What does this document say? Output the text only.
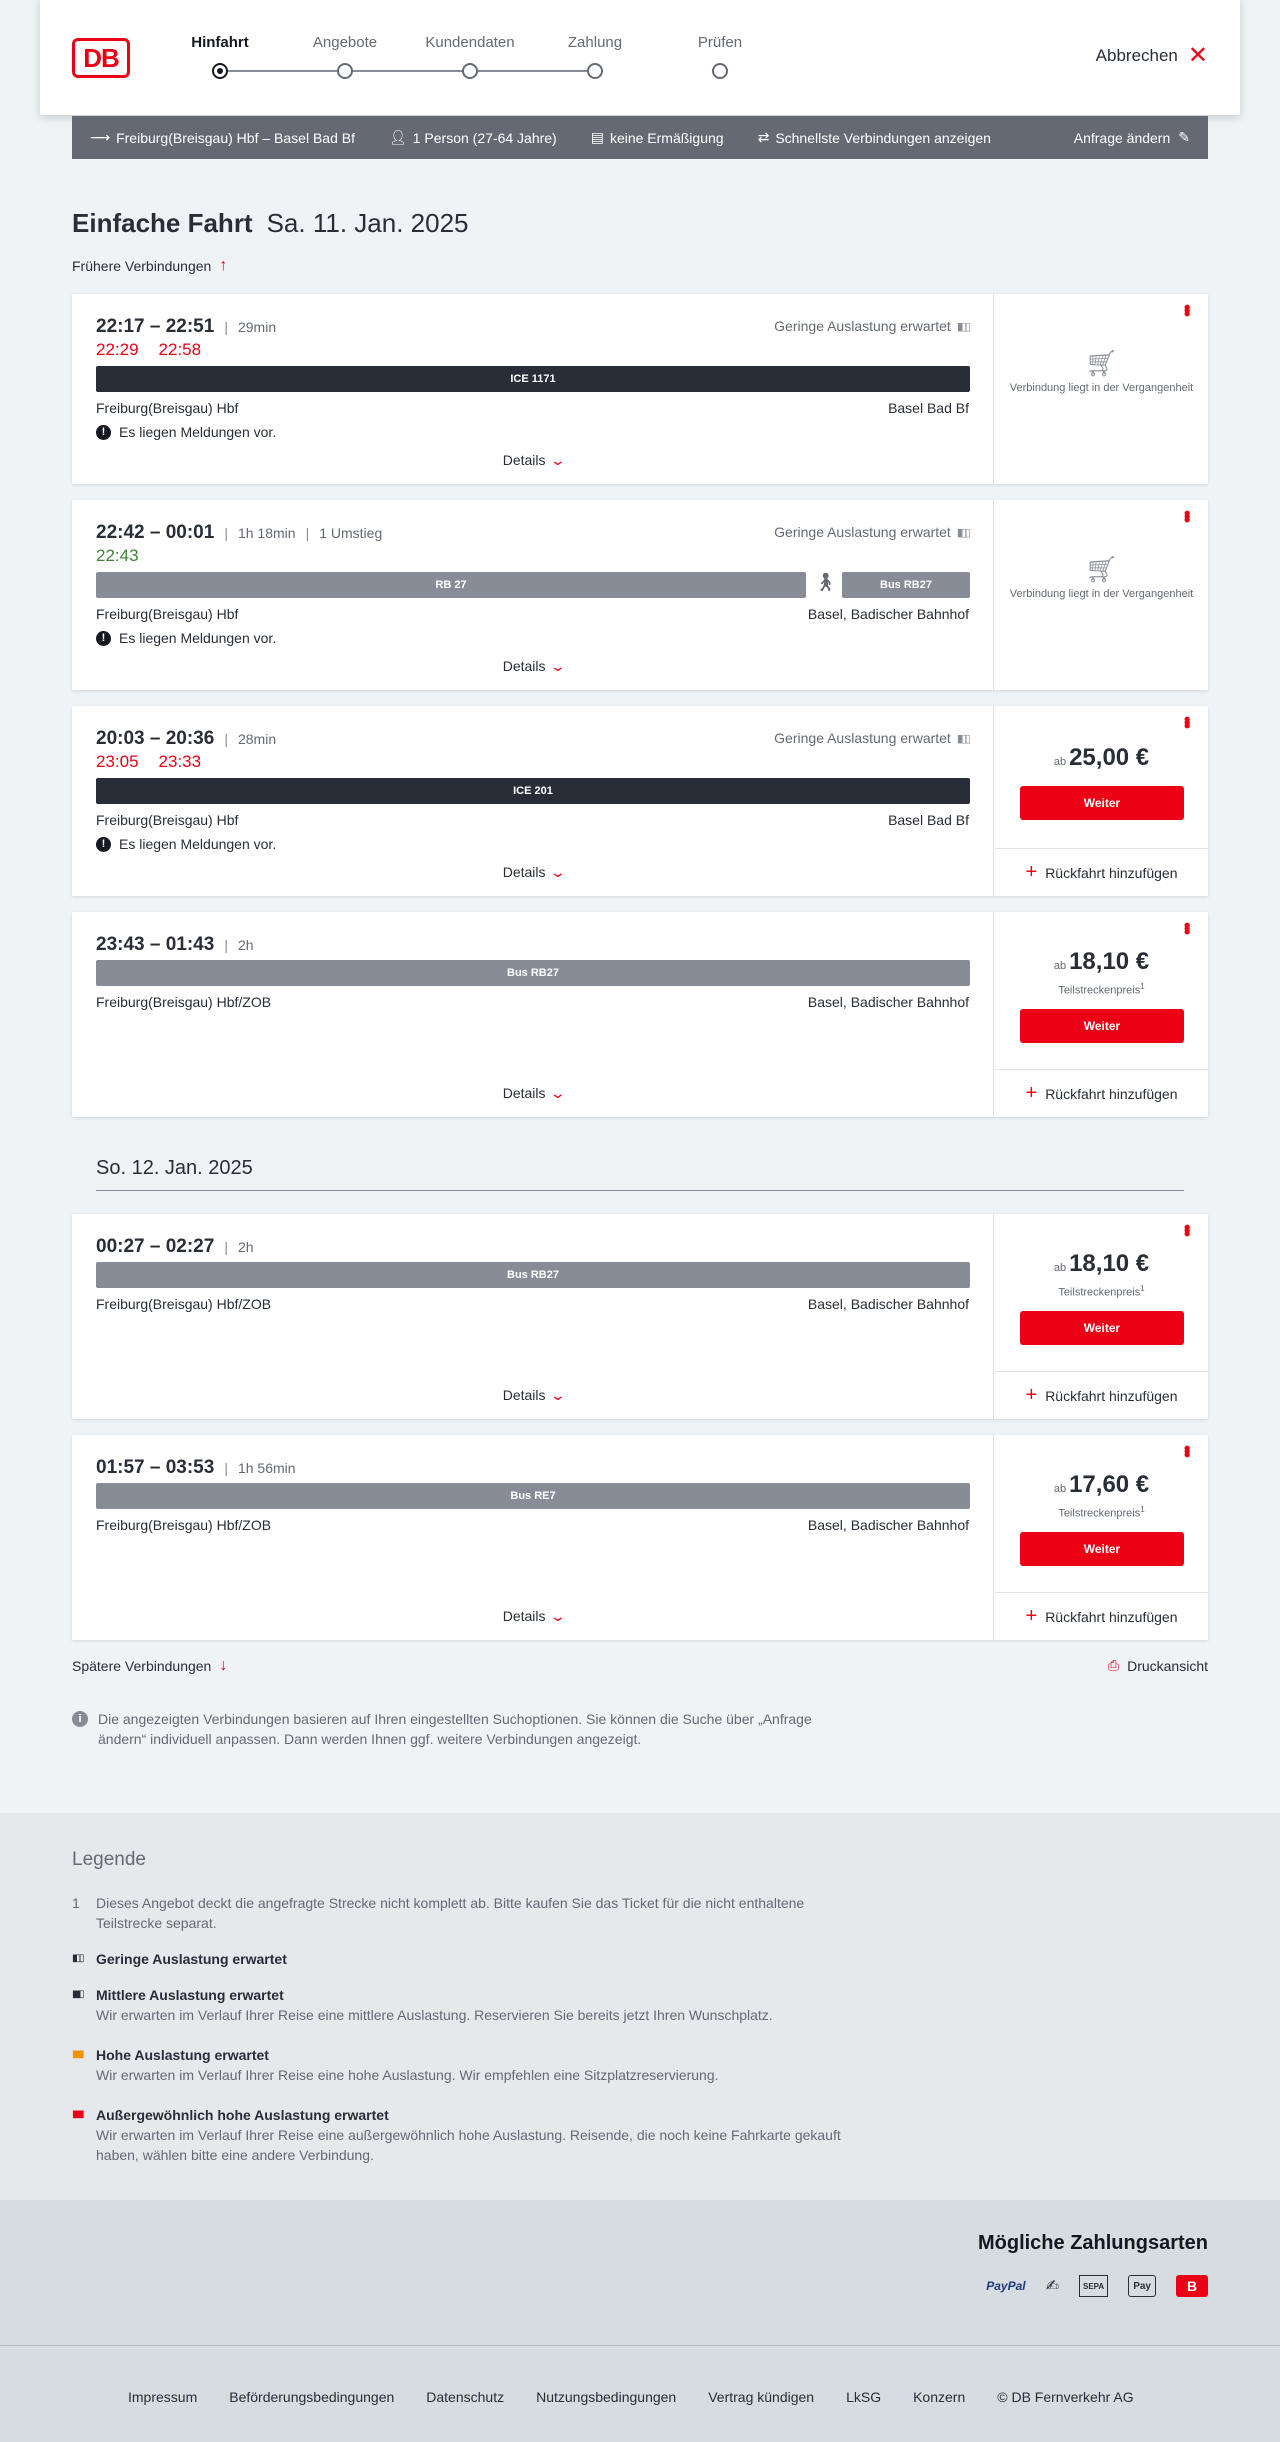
DB	Hinfahrt	Angebote	Kundendaten	Zahlung	Prüfen
Abbrechen ✕
⟶ Freiburg(Breisgau) Hbf – Basel Bad Bf 👤︎ 1 Person (27-64 Jahre) ▤ keine Ermäßigung ⇄ Schnellste Verbindungen anzeigen	Anfrage ändern ✎
Einfache Fahrt Sa. 11. Jan. 2025
Frühere Verbindungen ↑
22:17 – 22:51 | 29min
22:29 22:58
Geringe Auslastung erwartet ▮▯▯
ICE 1171
Freiburg(Breisgau) Hbf	Basel Bad Bf
! Es liegen Meldungen vor.
Details ⌄
•••
🛒︎
Verbindung liegt in der Vergangenheit
22:42 – 00:01 | 1h 18min | 1 Umstieg
22:43
Geringe Auslastung erwartet ▮▯▯
RB 27	🚶︎	Bus RB27
Freiburg(Breisgau) Hbf	Basel, Badischer Bahnhof
! Es liegen Meldungen vor.
Details ⌄
•••
🛒︎
Verbindung liegt in der Vergangenheit
20:03 – 20:36 | 28min
23:05 23:33
Geringe Auslastung erwartet ▮▯▯
ICE 201
Freiburg(Breisgau) Hbf	Basel Bad Bf
! Es liegen Meldungen vor.
Details ⌄
•••
ab 25,00 €
Weiter
+ Rückfahrt hinzufügen
23:43 – 01:43 | 2h
Bus RB27
Freiburg(Breisgau) Hbf/ZOB	Basel, Badischer Bahnhof
Details ⌄
•••
ab 18,10 €
Teilstreckenpreis$^1$
Weiter
+ Rückfahrt hinzufügen
So. 12. Jan. 2025
00:27 – 02:27 | 2h
Bus RB27
Freiburg(Breisgau) Hbf/ZOB	Basel, Badischer Bahnhof
Details ⌄
•••
ab 18,10 €
Teilstreckenpreis$^1$
Weiter
+ Rückfahrt hinzufügen
01:57 – 03:53 | 1h 56min
Bus RE7
Freiburg(Breisgau) Hbf/ZOB	Basel, Badischer Bahnhof
Details ⌄
•••
ab 17,60 €
Teilstreckenpreis$^1$
Weiter
+ Rückfahrt hinzufügen
Spätere Verbindungen ↓	⎙ Druckansicht
i	Die angezeigten Verbindungen basieren auf Ihren eingestellten Suchoptionen. Sie können die Suche über „Anfrage ändern“ individuell anpassen. Dann werden Ihnen ggf. weitere Verbindungen angezeigt.
Legende
1	Dieses Angebot deckt die angefragte Strecke nicht komplett ab. Bitte kaufen Sie das Ticket für die nicht enthaltene Teilstrecke separat.
▮▯▯ Geringe Auslastung erwartet
▮▮▯ Mittlere Auslastung erwartet
Wir erwarten im Verlauf Ihrer Reise eine mittlere Auslastung. Reservieren Sie bereits jetzt Ihren Wunschplatz.
▮▮▮ Hohe Auslastung erwartet
Wir erwarten im Verlauf Ihrer Reise eine hohe Auslastung. Wir empfehlen eine Sitzplatzreservierung.
▮▮▮ Außergewöhnlich hohe Auslastung erwartet
Wir erwarten im Verlauf Ihrer Reise eine außergewöhnlich hohe Auslastung. Reisende, die noch keine Fahrkarte gekauft haben, wählen bitte eine andere Verbindung.
Mögliche Zahlungsarten
PayPal ✍	SEPA	Pay	B
Impressum Beförderungsbedingungen Datenschutz Nutzungsbedingungen Vertrag kündigen LkSG Konzern © DB Fernverkehr AG
